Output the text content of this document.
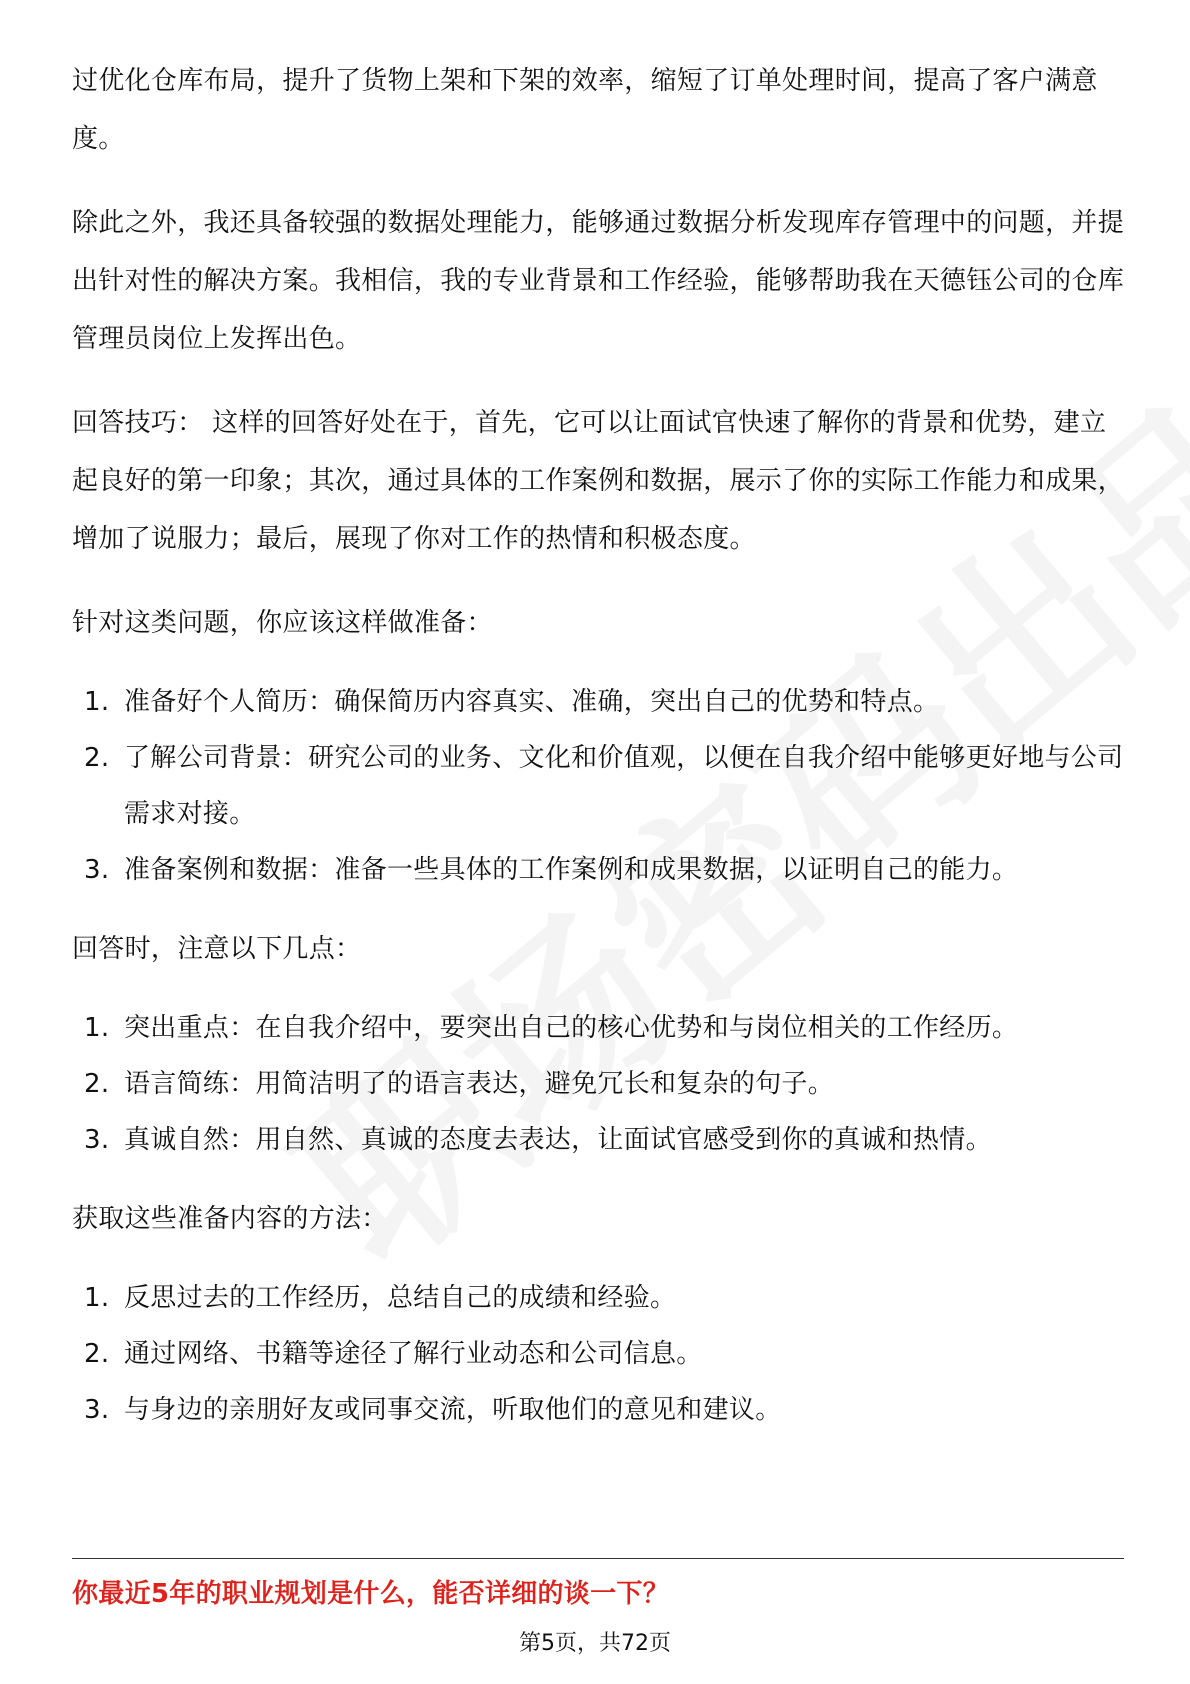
过优化仓库布局，提升了货物上架和下架的效率，缩短了订单处理时间，提高了客户满意度。

除此之外，我还具备较强的数据处理能力，能够通过数据分析发现库存管理中的问题，并提出针对性的解决方案。我相信，我的专业背景和工作经验，能够帮助我在天德钰公司的仓库管理员岗位上发挥出色。

回答技巧： 这样的回答好处在于，首先，它可以让面试官快速了解你的背景和优势，建立起良好的第一印象；其次，通过具体的工作案例和数据，展示了你的实际工作能力和成果，增加了说服力；最后，展现了你对工作的热情和积极态度。

针对这类问题，你应该这样做准备：

1. 准备好个人简历：确保简历内容真实、准确，突出自己的优势和特点。
2. 了解公司背景：研究公司的业务、文化和价值观，以便在自我介绍中能够更好地与公司需求对接。
3. 准备案例和数据：准备一些具体的工作案例和成果数据，以证明自己的能力。

回答时，注意以下几点：

1. 突出重点：在自我介绍中，要突出自己的核心优势和与岗位相关的工作经历。
2. 语言简练：用简洁明了的语言表达，避免冗长和复杂的句子。
3. 真诚自然：用自然、真诚的态度去表达，让面试官感受到你的真诚和热情。

获取这些准备内容的方法：

1. 反思过去的工作经历，总结自己的成绩和经验。
2. 通过网络、书籍等途径了解行业动态和公司信息。
3. 与身边的亲朋好友或同事交流，听取他们的意见和建议。
你最近5年的职业规划是什么，能否详细的谈一下？
第5页，共72页
